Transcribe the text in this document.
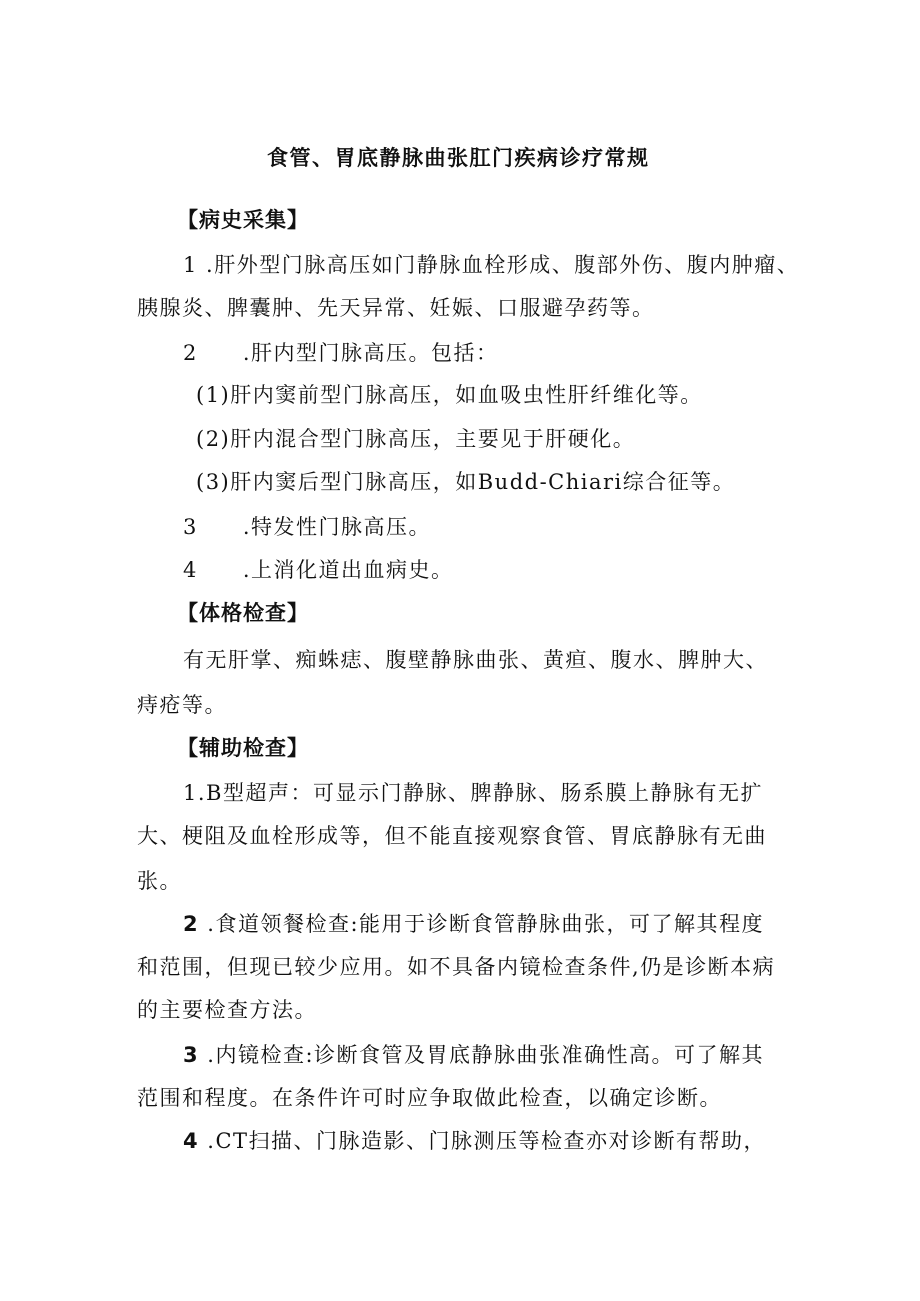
食管、胃底静脉曲张肛门疾病诊疗常规
【病史采集】
1 .肝外型门脉高压如门静脉血栓形成、腹部外伤、腹内肿瘤、
胰腺炎、脾囊肿、先天异常、妊娠、口服避孕药等。
2　　.肝内型门脉高压。包括：
(1)肝内窦前型门脉高压，如血吸虫性肝纤维化等。
(2)肝内混合型门脉高压，主要见于肝硬化。
(3)肝内窦后型门脉高压，如Budd-Chiari综合征等。
3　　.特发性门脉高压。
4　　.上消化道出血病史。
【体格检查】
有无肝掌、痴蛛痣、腹壁静脉曲张、黄疸、腹水、脾肿大、
痔疮等。
【辅助检查】
1.B型超声：可显示门静脉、脾静脉、肠系膜上静脉有无扩
大、梗阻及血栓形成等，但不能直接观察食管、胃底静脉有无曲
张。
2 .食道领餐检查:能用于诊断食管静脉曲张，可了解其程度
和范围，但现已较少应用。如不具备内镜检查条件,仍是诊断本病
的主要检查方法。
3 .内镜检查:诊断食管及胃底静脉曲张准确性高。可了解其
范围和程度。在条件许可时应争取做此检查，以确定诊断。
4 .CT扫描、门脉造影、门脉测压等检查亦对诊断有帮助，
